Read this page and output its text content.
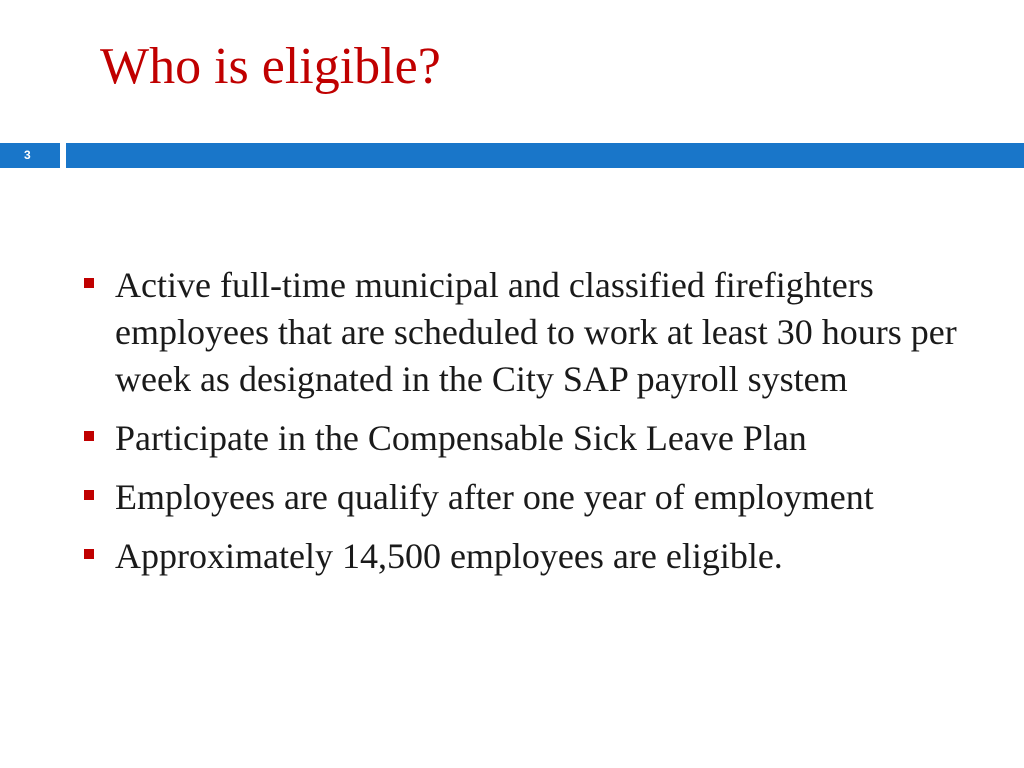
Who is eligible?
3
Active full-time municipal and classified firefighters employees that are scheduled to work at least 30 hours per week as designated in the City SAP payroll system
Participate in the Compensable Sick Leave Plan
Employees are qualify after one year of employment
Approximately 14,500 employees are eligible.
